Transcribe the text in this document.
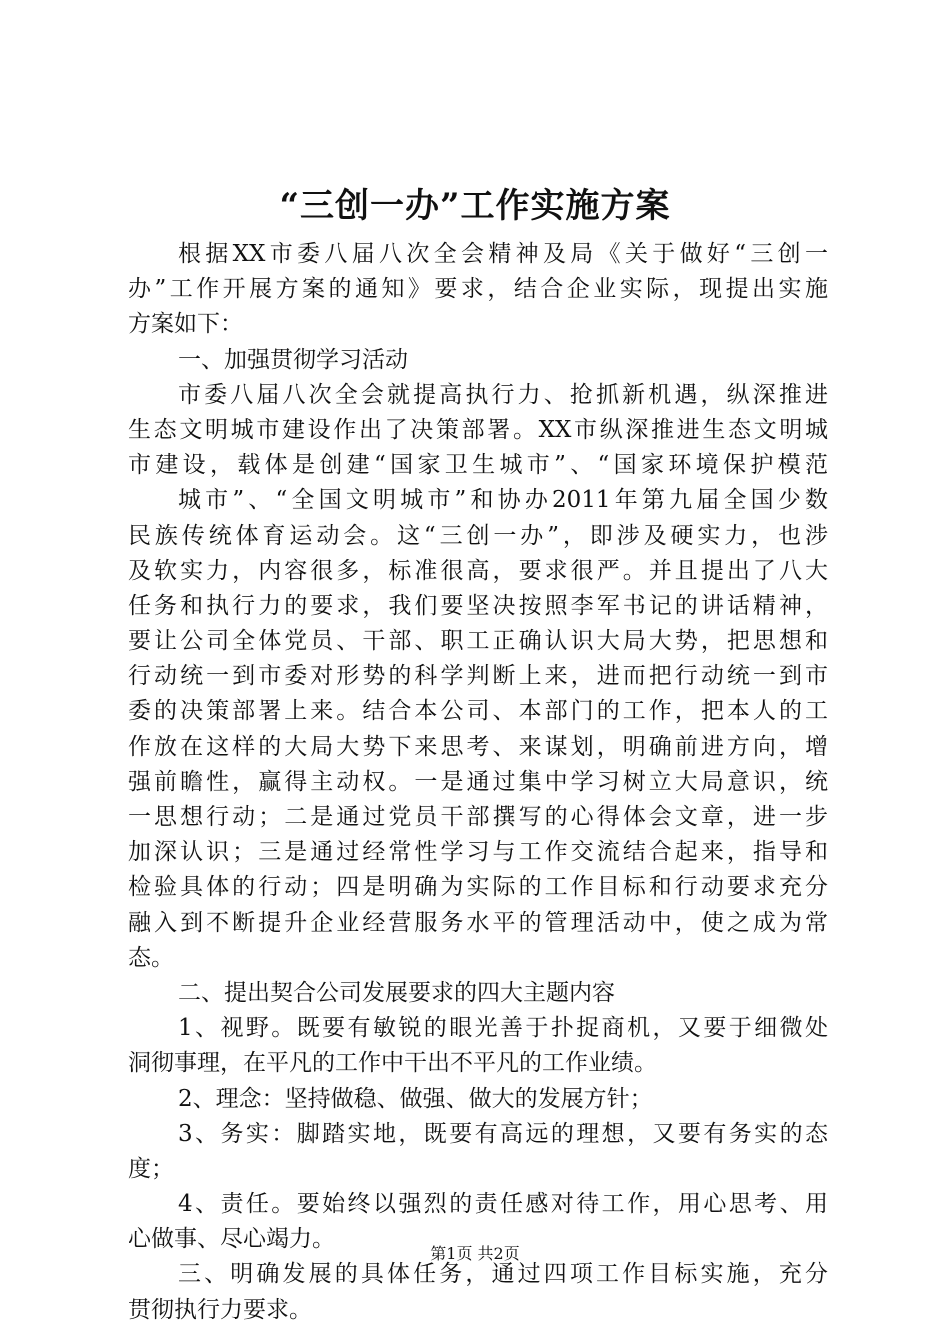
“三创一办”工作实施方案

根据XX市委八届八次全会精神及局《关于做好“三创一

办”工作开展方案的通知》要求，结合企业实际，现提出实施

方案如下：

一、加强贯彻学习活动

市委八届八次全会就提高执行力、抢抓新机遇，纵深推进

生态文明城市建设作出了决策部署。XX市纵深推进生态文明城

市建设，载体是创建“国家卫生城市”、“国家环境保护模范

城市”、“全国文明城市”和协办2011年第九届全国少数

民族传统体育运动会。这“三创一办”，即涉及硬实力，也涉

及软实力，内容很多，标准很高，要求很严。并且提出了八大

任务和执行力的要求，我们要坚决按照李军书记的讲话精神，

要让公司全体党员、干部、职工正确认识大局大势，把思想和

行动统一到市委对形势的科学判断上来，进而把行动统一到市

委的决策部署上来。结合本公司、本部门的工作，把本人的工

作放在这样的大局大势下来思考、来谋划，明确前进方向，增

强前瞻性，赢得主动权。一是通过集中学习树立大局意识，统

一思想行动；二是通过党员干部撰写的心得体会文章，进一步

加深认识；三是通过经常性学习与工作交流结合起来，指导和

检验具体的行动；四是明确为实际的工作目标和行动要求充分

融入到不断提升企业经营服务水平的管理活动中，使之成为常

态。

二、提出契合公司发展要求的四大主题内容

1、视野。既要有敏锐的眼光善于扑捉商机，又要于细微处

洞彻事理，在平凡的工作中干出不平凡的工作业绩。

2、理念：坚持做稳、做强、做大的发展方针；

3、务实：脚踏实地，既要有高远的理想，又要有务实的态

度；

4、责任。要始终以强烈的责任感对待工作，用心思考、用

心做事、尽心竭力。

三、明确发展的具体任务，通过四项工作目标实施，充分

贯彻执行力要求。

第1页 共2页
